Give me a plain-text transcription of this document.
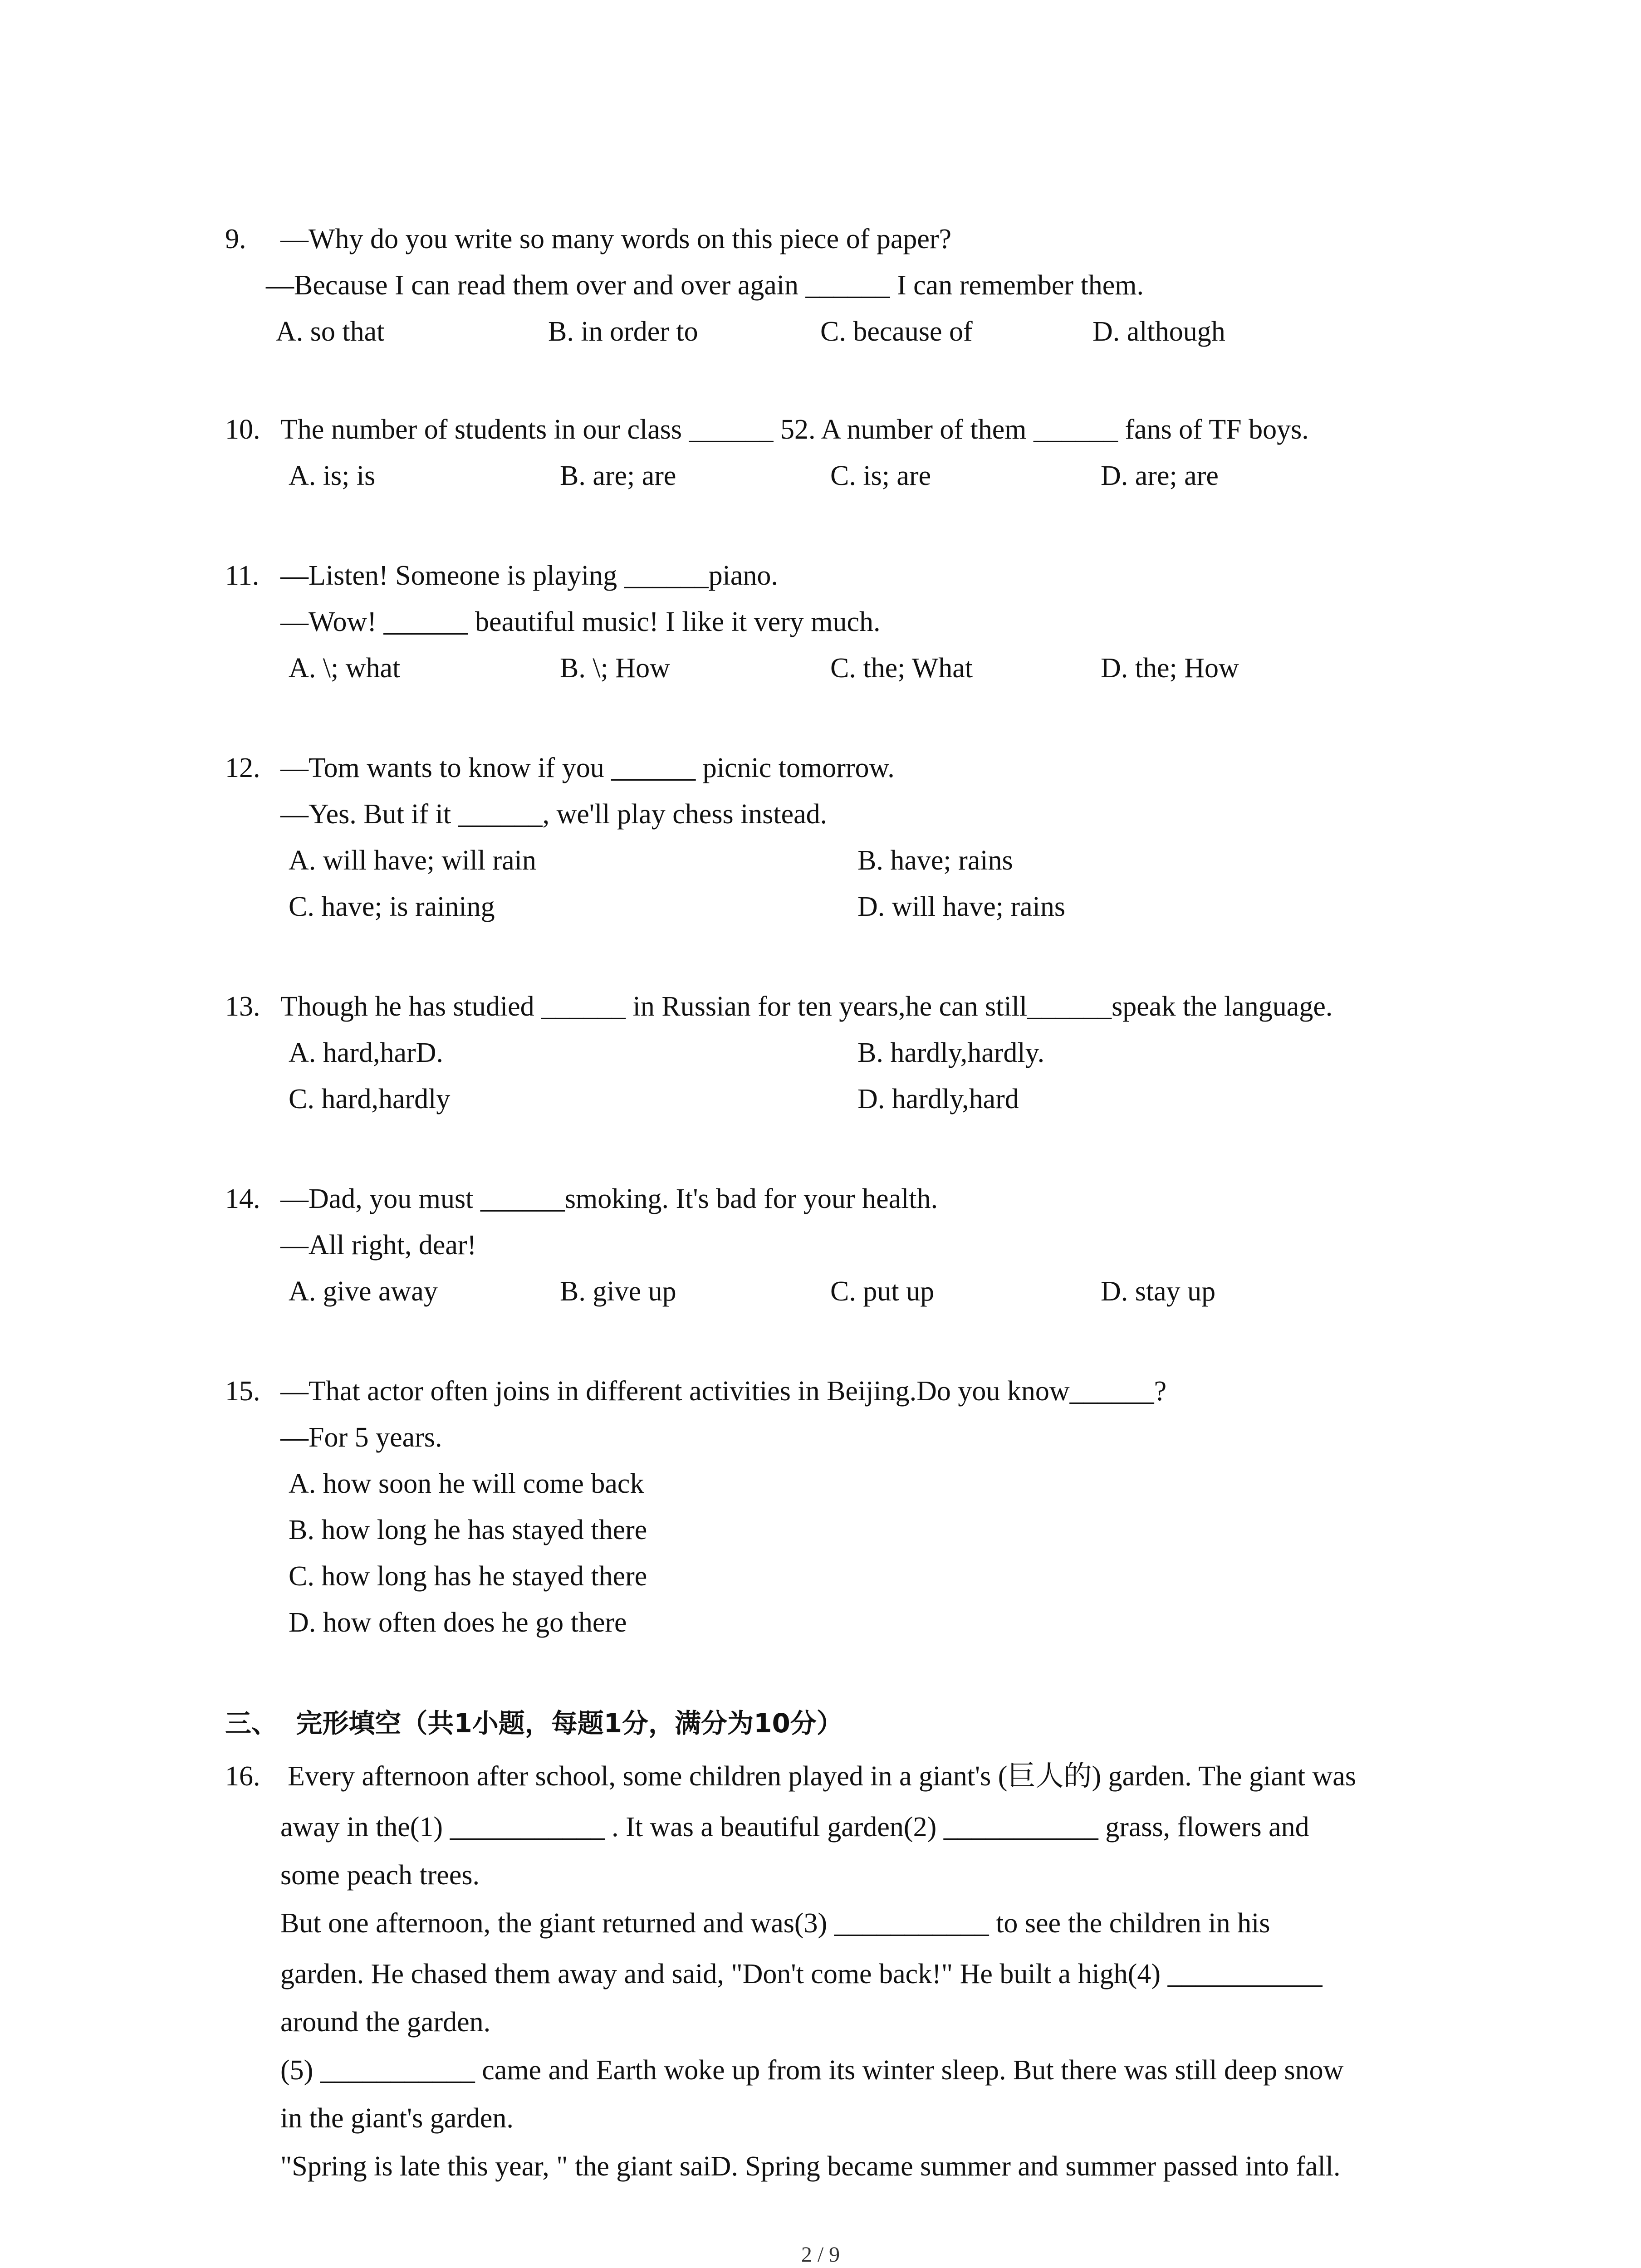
9. —Why do you write so many words on this piece of paper?
—Because I can read them over and over again ______ I can remember them.
A. so that	B. in order to	C. because of	D. although
10. The number of students in our class ______ 52. A number of them ______ fans of TF boys.
A. is; is	B. are; are	C. is; are	D. are; are
11. —Listen! Someone is playing ______piano.
—Wow! ______ beautiful music! I like it very much.
A. \; what	B. \; How	C. the; What	D. the; How
12. —Tom wants to know if you ______ picnic tomorrow.
—Yes. But if it ______, we'll play chess instead.
A. will have; will rain	B. have; rains
C. have; is raining	D. will have; rains
13. Though he has studied ______ in Russian for ten years,he can still______speak the language.
A. hard,harD.	B. hardly,hardly.
C. hard,hardly	D. hardly,hard
14. —Dad, you must ______smoking. It's bad for your health.
—All right, dear!
A. give away	B. give up	C. put up	D. stay up
15. —That actor often joins in different activities in Beijing.Do you know______?
—For 5 years.
A. how soon he will come back
B. how long he has stayed there
C. how long has he stayed there
D. how often does he go there
三、  完形填空（共1小题，每题1分，满分为10分）
16. Every afternoon after school, some children played in a giant's (巨人的) garden. The giant was
away in the(1) ___________ . It was a beautiful garden(2) ___________ grass, flowers and
some peach trees.
But one afternoon, the giant returned and was(3) ___________ to see the children in his
garden. He chased them away and said, "Don't come back!" He built a high(4) ___________
around the garden.
(5) ___________ came and Earth woke up from its winter sleep. But there was still deep snow
in the giant's garden.
"Spring is late this year, " the giant saiD. Spring became summer and summer passed into fall.
2 / 9
